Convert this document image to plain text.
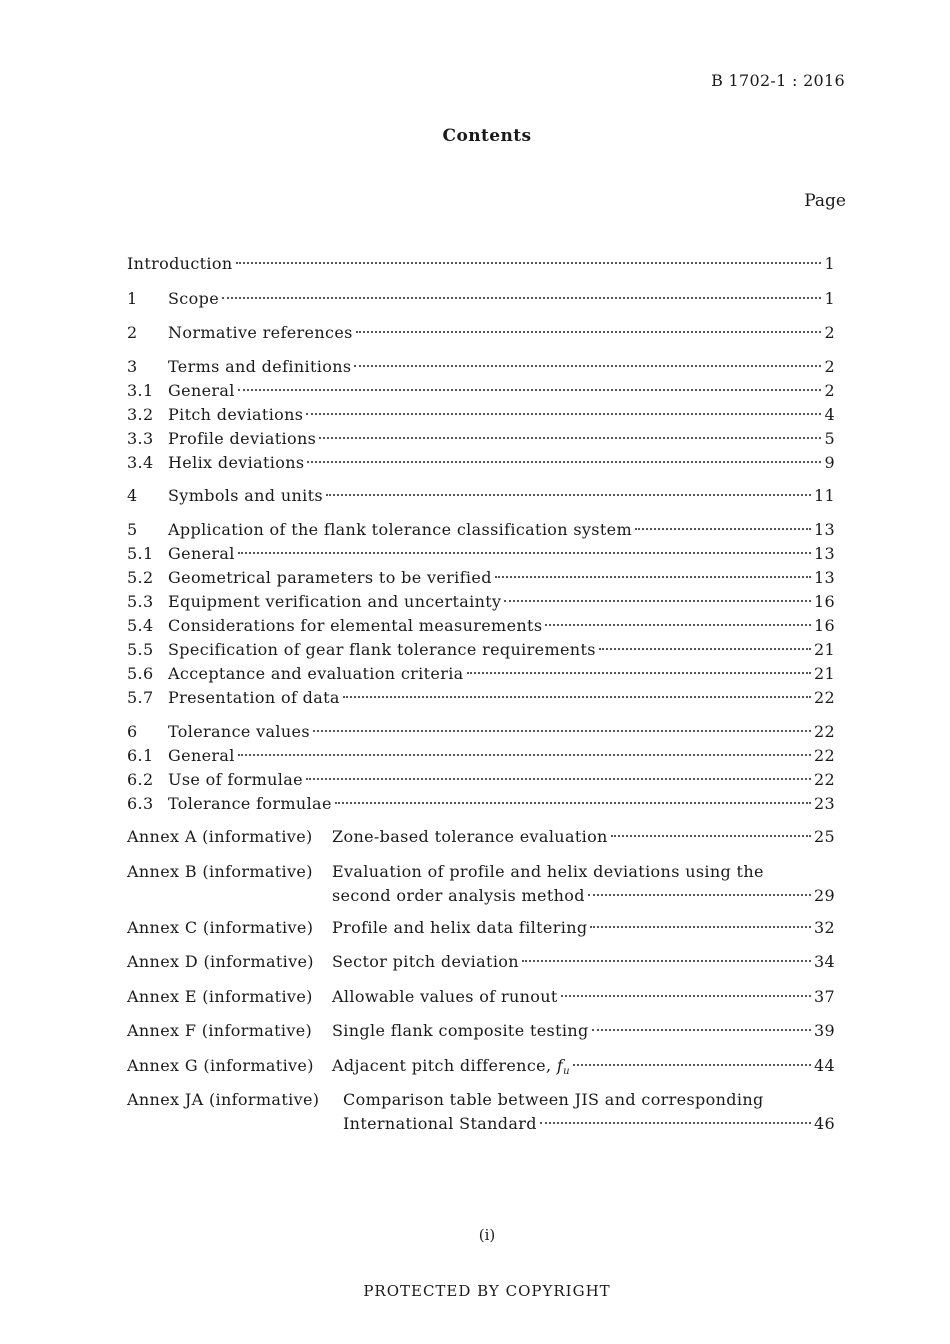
B 1702-1 : 2016
Contents
Page
Introduction	1
1 Scope	1
2 Normative references	2
3 Terms and definitions	2
3.1 General	2
3.2 Pitch deviations	4
3.3 Profile deviations	5
3.4 Helix deviations	9
4 Symbols and units	11
5 Application of the flank tolerance classification system	13
5.1 General	13
5.2 Geometrical parameters to be verified	13
5.3 Equipment verification and uncertainty	16
5.4 Considerations for elemental measurements	16
5.5 Specification of gear flank tolerance requirements	21
5.6 Acceptance and evaluation criteria	21
5.7 Presentation of data	22
6 Tolerance values	22
6.1 General	22
6.2 Use of formulae	22
6.3 Tolerance formulae	23
Annex A (informative) Zone-based tolerance evaluation	25
Annex B (informative) Evaluation of profile and helix deviations using the
second order analysis method	29
Annex C (informative) Profile and helix data filtering	32
Annex D (informative) Sector pitch deviation	34
Annex E (informative) Allowable values of runout	37
Annex F (informative) Single flank composite testing	39
Annex G (informative) Adjacent pitch difference, fu	44
Annex JA (informative) Comparison table between JIS and corresponding
International Standard	46
(i)
PROTECTED BY COPYRIGHT
